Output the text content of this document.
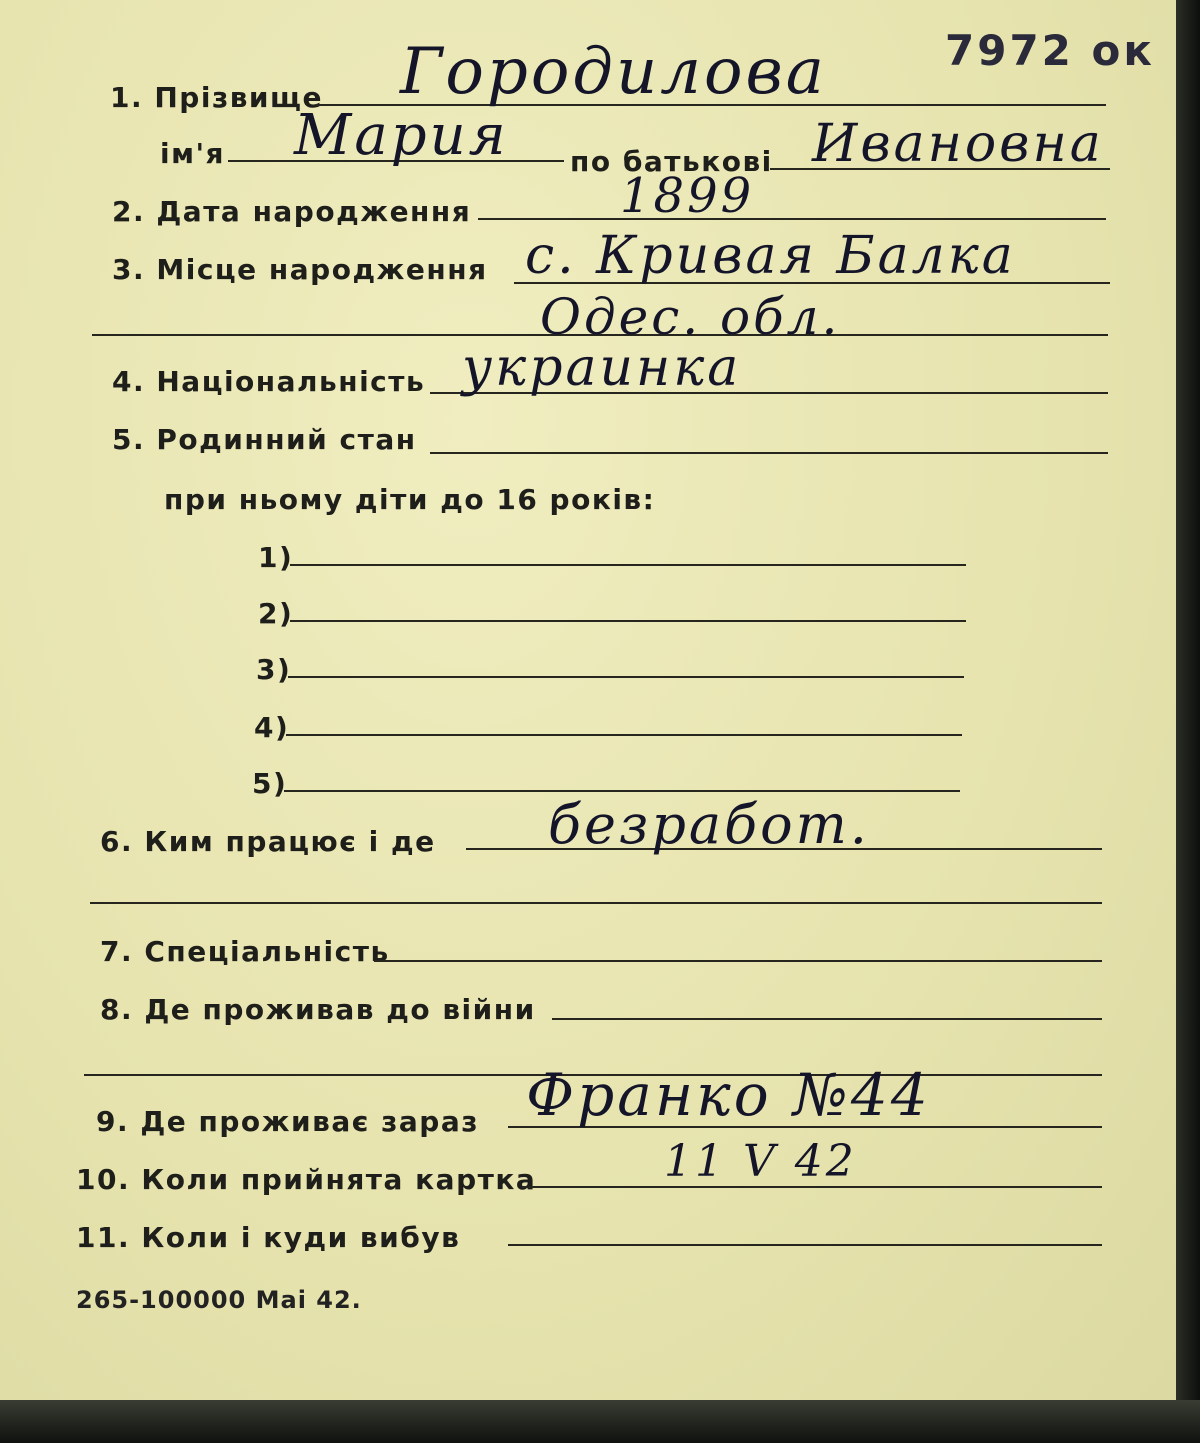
1. Прізвище Городилова	7972 ок
ім'я Мария по батькові Ивановна
2. Дата народження	1899
3. Місце народження с. Кривая Балка
Одес. обл.
4. Національність украинка
5. Родинний стан
при ньому діти до 16 років:
1)
2)
3)
4)
5)
6. Ким працює і де безработ.
7. Спеціальність
8. Де проживав до війни
9. Де проживає зараз Франко №44
10. Коли прийнята картка	11 V 42
11. Коли і куди вибув
265-100000 Mai 42.
